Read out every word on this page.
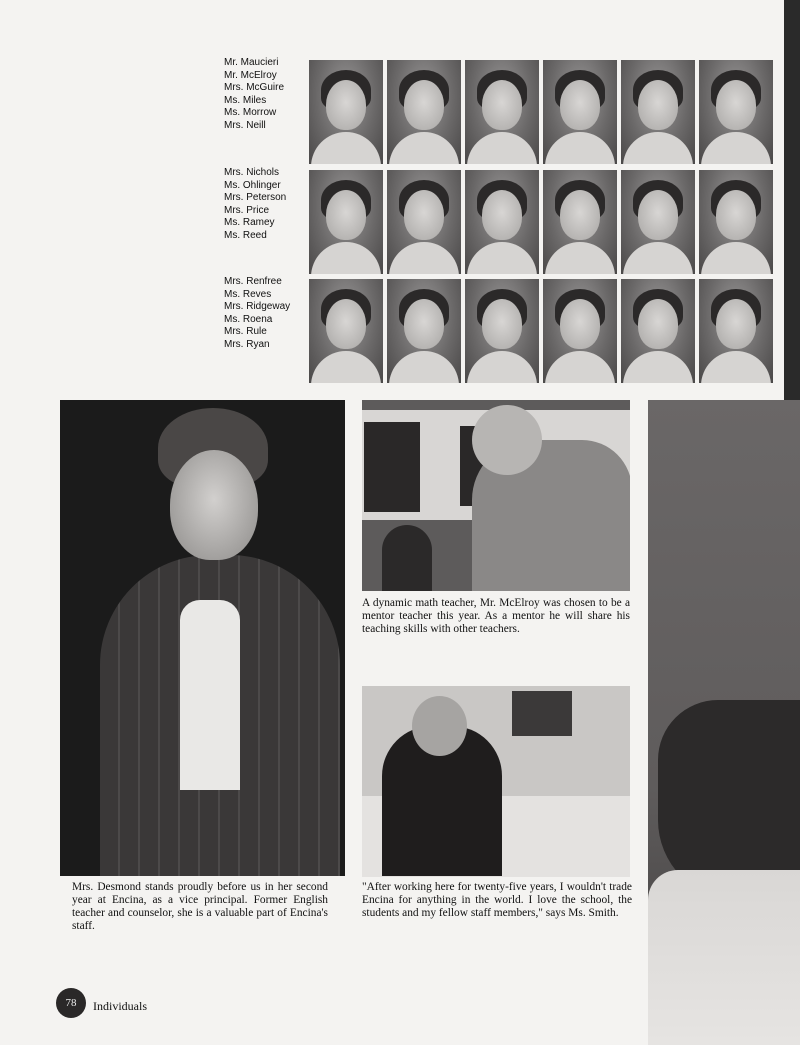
Mr. Maucieri
Mr. McElroy
Mrs. McGuire
Ms. Miles
Ms. Morrow
Mrs. Neill
Mrs. Nichols
Ms. Ohlinger
Mrs. Peterson
Mrs. Price
Ms. Ramey
Ms. Reed
Mrs. Renfree
Ms. Reves
Mrs. Ridgeway
Ms. Roena
Mrs. Rule
Mrs. Ryan
A dynamic math teacher, Mr. McElroy was chosen to be a mentor teacher this year. As a mentor he will share his teaching skills with other teachers.
Mrs. Desmond stands proudly before us in her second year at Encina, as a vice principal. Former English teacher and counselor, she is a valuable part of Encina's staff.
"After working here for twenty-five years, I wouldn't trade Encina for anything in the world. I love the school, the students and my fellow staff members," says Ms. Smith.
78	Individuals
